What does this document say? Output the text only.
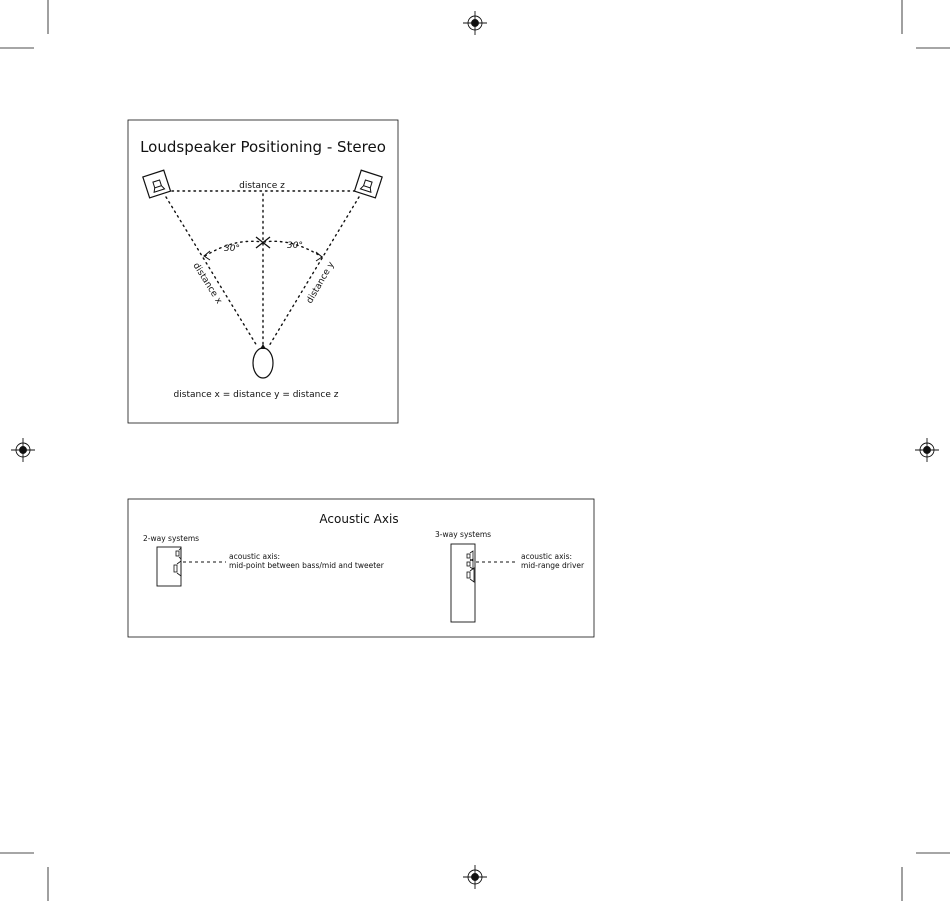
Loudspeaker Positioning - Stereo
distance z
distance x	distance y
30°	30°
distance x = distance y = distance z
Acoustic Axis
2-way systems
acoustic axis:
mid-point between bass/mid and tweeter
3-way systems
acoustic axis:
mid-range driver
